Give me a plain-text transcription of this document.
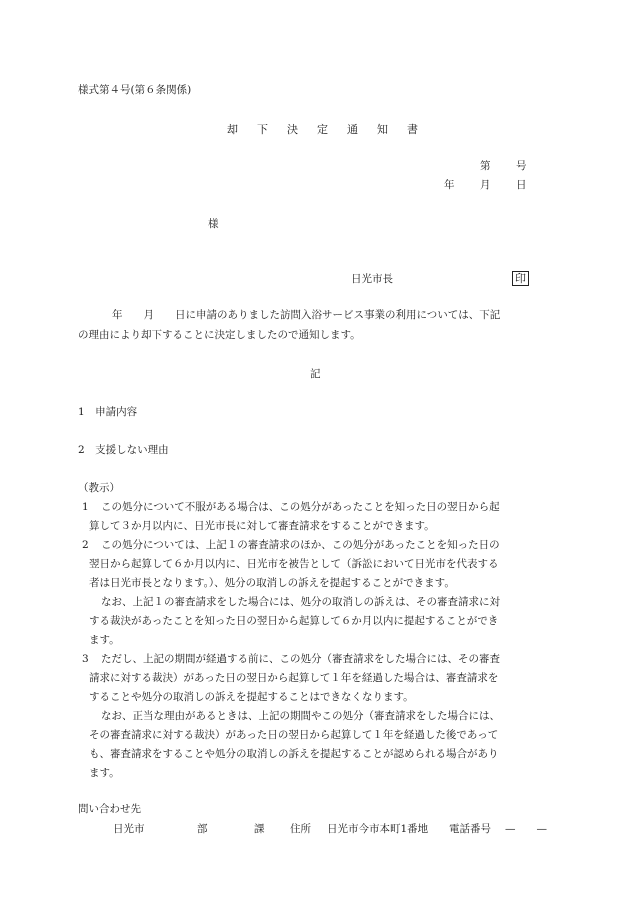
様式第４号(第６条関係)
却 下 決 定 通 知 書
第 号
年 月 日
様
日光市長	印
年　　月　　日に申請のありました訪問入浴サービス事業の利用については、下記
の理由により却下することに決定しましたので通知します。
記
1　申請内容
2　支援しない理由
（教示）
1 この処分について不服がある場合は、この処分があったことを知った日の翌日から起
算して３か月以内に、日光市長に対して審査請求をすることができます。
2 この処分については、上記１の審査請求のほか、この処分があったことを知った日の
翌日から起算して６か月以内に、日光市を被告として（訴訟において日光市を代表する
者は日光市長となります。）、処分の取消しの訴えを提起することができます。
なお、上記１の審査請求をした場合には、処分の取消しの訴えは、その審査請求に対
する裁決があったことを知った日の翌日から起算して６か月以内に提起することができ
ます。
3 ただし、上記の期間が経過する前に、この処分（審査請求をした場合には、その審査
請求に対する裁決）があった日の翌日から起算して１年を経過した場合は、審査請求を
することや処分の取消しの訴えを提起することはできなくなります。
なお、正当な理由があるときは、上記の期間やこの処分（審査請求をした場合には、
その審査請求に対する裁決）があった日の翌日から起算して１年を経過した後であって
も、審査請求をすることや処分の取消しの訴えを提起することが認められる場合があり
ます。
問い合わせ先
日光市	部	課 住所 日光市今市本町1番地 電話番号 —　　—
